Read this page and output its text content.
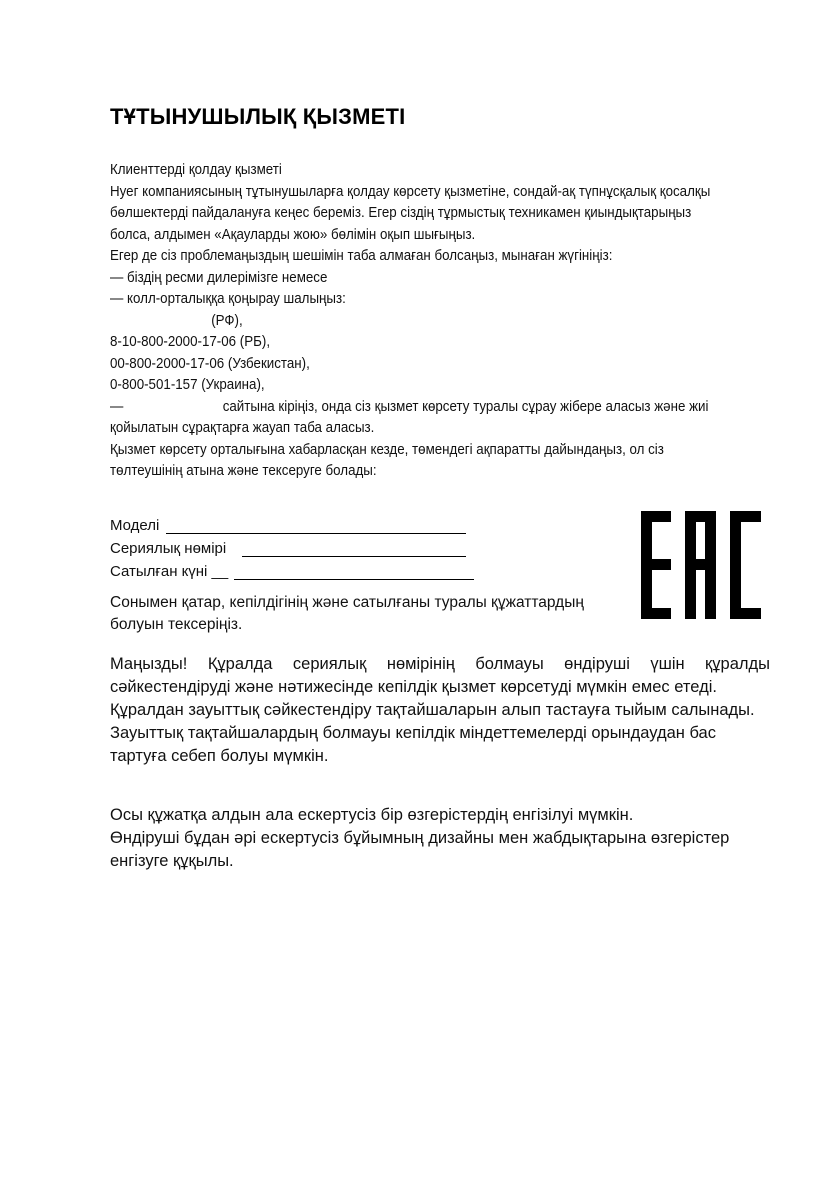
ТҰТЫНУШЫЛЫҚ ҚЫЗМЕТІ

Клиенттерді қолдау қызметі

Нуег компаниясының тұтынушыларға қолдау көрсету қызметіне, сондай-ақ түпнұсқалық қосалқы

бөлшектерді пайдалануға кеңес береміз. Егер сіздің тұрмыстық техникамен қиындықтарыңыз

болса, алдымен «Ақауларды жою» бөлімін оқып шығыңыз.

Егер де сіз проблемаңыздың шешімін таба алмаған болсаңыз, мынаған жүгініңіз:

— біздің ресми дилерімізге немесе

— колл-орталыққа қоңырау шалыңыз:

(РФ),

8-10-800-2000-17-06 (РБ),

00-800-2000-17-06 (Узбекистан),

0-800-501-157 (Украина),

—	сайтына кіріңіз, онда сіз қызмет көрсету туралы сұрау жібере аласыз және жиі

қойылатын сұрақтарға жауап таба аласыз.

Қызмет көрсету орталығына хабарласқан кезде, төмендегі ақпаратты дайындаңыз, ол сіз

төлтеушінің атына және тексеруге болады:

Моделі
Сериялық нөмірі
Сатылған күні __

Сонымен қатар, кепілдігінің және сатылғаны туралы құжаттардың болуын тексеріңіз.

Маңызды! Құралда сериялық нөмірінің болмауы өндіруші үшін құралды
сәйкестендіруді және нәтижесінде кепілдік қызмет көрсетуді мүмкін емес етеді.
Құралдан зауыттық сәйкестендіру тақтайшаларын алып тастауға тыйым салынады. Зауыттық тақтайшалардың болмауы кепілдік міндеттемелерді орындаудан бас тартуға себеп болуы мүмкін.
Осы құжатқа алдын ала ескертусіз бір өзгерістердің енгізілуі мүмкін.
Өндіруші бұдан әрі ескертусіз бұйымның дизайны мен жабдықтарына өзгерістер енгізуге құқылы.
